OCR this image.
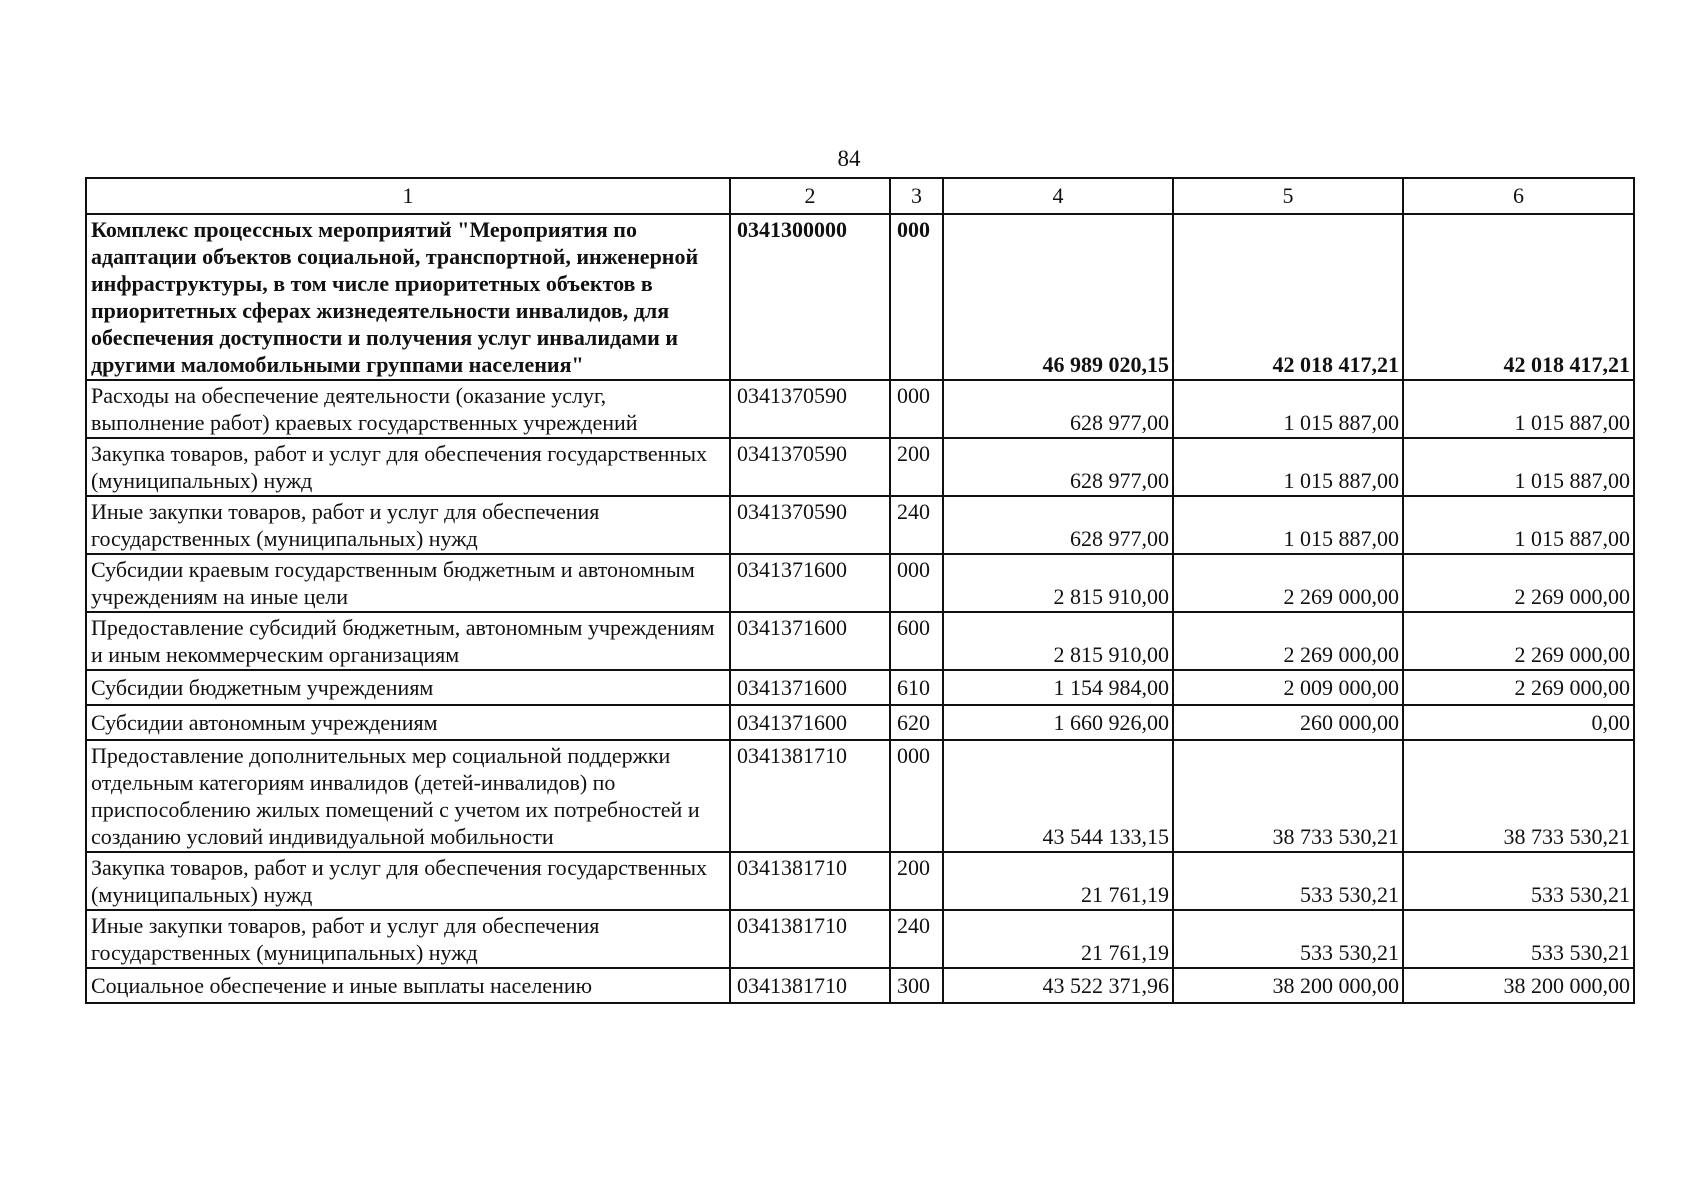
84
1	2	3	4	5	6
Комплекс процессных мероприятий "Мероприятия по адаптации объектов социальной, транспортной, инженерной инфраструктуры, в том числе приоритетных объектов в приоритетных сферах жизнедеятельности инвалидов, для обеспечения доступности и получения услуг инвалидами и другими маломобильными группами населения"	0341300000	000	46 989 020,15	42 018 417,21	42 018 417,21
Расходы на обеспечение деятельности (оказание услуг, выполнение работ) краевых государственных учреждений	0341370590	000	628 977,00	1 015 887,00	1 015 887,00
Закупка товаров, работ и услуг для обеспечения государственных (муниципальных) нужд	0341370590	200	628 977,00	1 015 887,00	1 015 887,00
Иные закупки товаров, работ и услуг для обеспечения государственных (муниципальных) нужд	0341370590	240	628 977,00	1 015 887,00	1 015 887,00
Субсидии краевым государственным бюджетным и автономным учреждениям на иные цели	0341371600	000	2 815 910,00	2 269 000,00	2 269 000,00
Предоставление субсидий бюджетным, автономным учреждениям и иным некоммерческим организациям	0341371600	600	2 815 910,00	2 269 000,00	2 269 000,00
Субсидии бюджетным учреждениям	0341371600	610	1 154 984,00	2 009 000,00	2 269 000,00
Субсидии автономным учреждениям	0341371600	620	1 660 926,00	260 000,00	0,00
Предоставление дополнительных мер социальной поддержки отдельным категориям инвалидов (детей-инвалидов) по приспособлению жилых помещений с учетом их потребностей и созданию условий индивидуальной мобильности	0341381710	000	43 544 133,15	38 733 530,21	38 733 530,21
Закупка товаров, работ и услуг для обеспечения государственных (муниципальных) нужд	0341381710	200	21 761,19	533 530,21	533 530,21
Иные закупки товаров, работ и услуг для обеспечения государственных (муниципальных) нужд	0341381710	240	21 761,19	533 530,21	533 530,21
Социальное обеспечение и иные выплаты населению	0341381710	300	43 522 371,96	38 200 000,00	38 200 000,00
